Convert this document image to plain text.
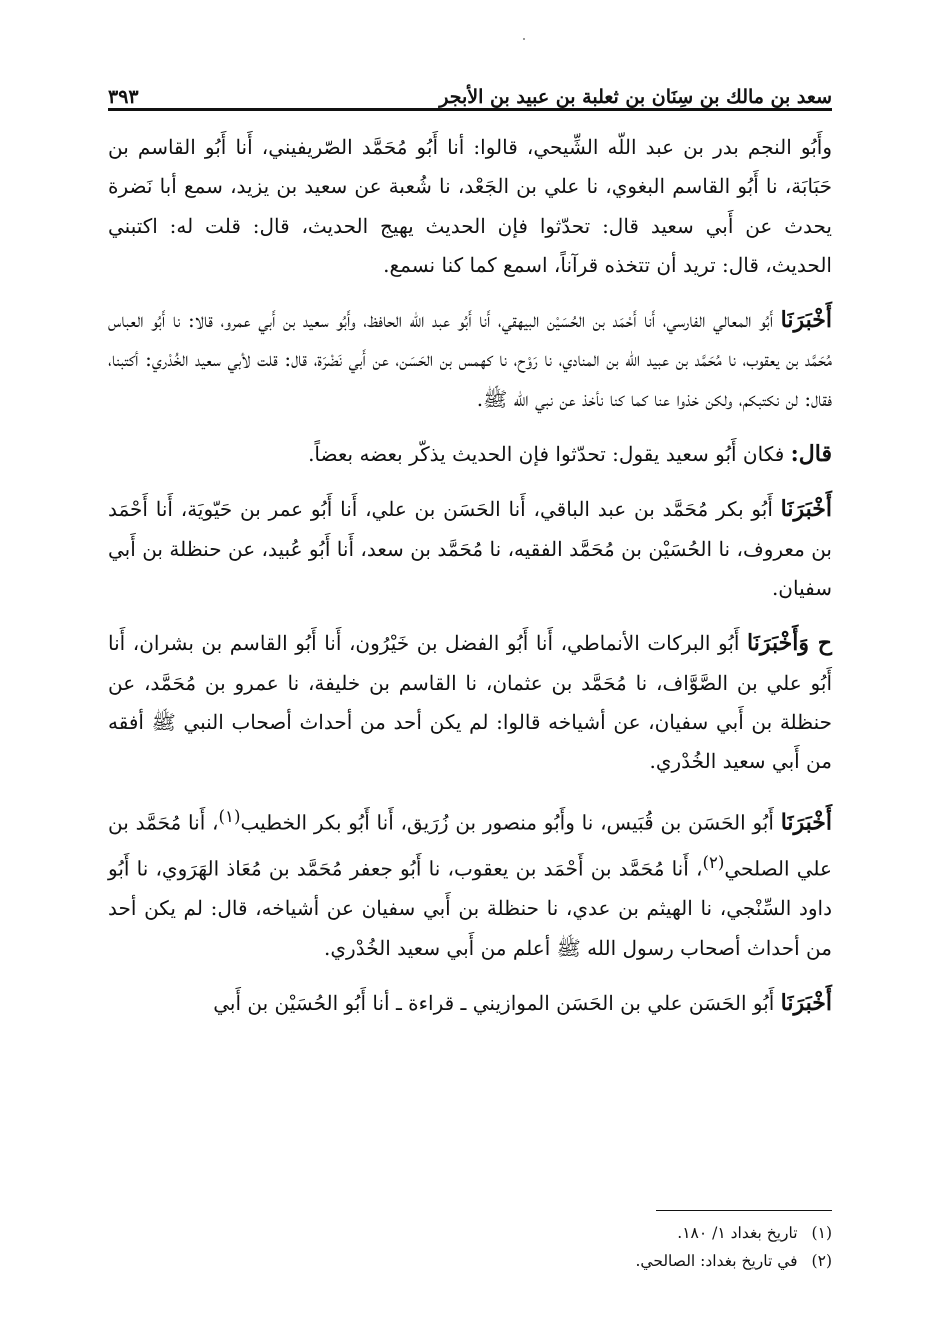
سعد بن مالك بن سِنَان بن ثعلبة بن عبيد بن الأبجر
٣٩٣

وأَبُو النجم بدر بن عبد اللّه الشِّيحي، قالوا: أنا أَبُو مُحَمَّد الصّريفيني، أَنا أَبُو القاسم بن حَبَابَة، نا أَبُو القاسم البغوي، نا علي بن الجَعْد، نا شُعبة عن سعيد بن يزيد، سمع أبا نَضرة يحدث عن أَبي سعيد قال: تحدّثوا فإن الحديث يهيج الحديث، قال: قلت له: اكتبني الحديث، قال: تريد أن تتخذه قرآناً، اسمع كما كنا نسمع.

أَخْبَرَنَا أَبُو المعالي الفارسي، أَنا أَحْمَد بن الحُسَيْن البيهقي، أَنا أَبُو عبد اللّه الحافظ، وأَبُو سعيد بن أَبي عمرو، قالا: نا أَبُو العباس مُحَمَّد بن يعقوب، نا مُحَمَّد بن عبيد اللّه بن المنادي، نا رَوْح، نا كهمس بن الحَسَن، عن أَبي نَضْرَة، قال: قلت لأبي سعيد الخُدْري: أكتبنا، فقال: لن نكتبكم، ولكن خذوا عنا كما كنا نأخذ عن نبي الله ﷺ.

قال: فكان أَبُو سعيد يقول: تحدّثوا فإن الحديث يذكّر بعضه بعضاً.

أَخْبَرَنَا أَبُو بكر مُحَمَّد بن عبد الباقي، أَنا الحَسَن بن علي، أَنا أَبُو عمر بن حَيّويَة، أَنا أَحْمَد بن معروف، نا الحُسَيْن بن مُحَمَّد الفقيه، نا مُحَمَّد بن سعد، أَنا أَبُو عُبيد، عن حنظلة بن أَبي سفيان.

ح وَأَخْبَرَنَا أَبُو البركات الأنماطي، أَنا أَبُو الفضل بن خَيْرُون، أَنا أَبُو القاسم بن بشران، أَنا أَبُو علي بن الصَّوَّاف، نا مُحَمَّد بن عثمان، نا القاسم بن خليفة، نا عمرو بن مُحَمَّد، عن حنظلة بن أَبي سفيان، عن أشياخه قالوا: لم يكن أحد من أحداث أصحاب النبي ﷺ أفقه من أَبي سعيد الخُدْري.

أَخْبَرَنَا أَبُو الحَسَن بن قُبَيس، نا وأَبُو منصور بن زُرَيق، أَنا أَبُو بكر الخطيب$^{(١)}$، أَنا مُحَمَّد بن علي الصلحي$^{(٢)}$، أَنا مُحَمَّد بن أَحْمَد بن يعقوب، نا أَبُو جعفر مُحَمَّد بن مُعَاذ الهَرَوي، نا أَبُو داود السِّنْجي، نا الهيثم بن عدي، نا حنظلة بن أَبي سفيان عن أشياخه، قال: لم يكن أحد من أحداث أصحاب رسول الله ﷺ أعلم من أَبي سعيد الخُدْري.

أَخْبَرَنَا أَبُو الحَسَن علي بن الحَسَن الموازيني ـ قراءة ـ أنا أَبُو الحُسَيْن بن أَبي

(١)
تاريخ بغداد ١/ ١٨٠.
(٢)
في تاريخ بغداد: الصالحي.
